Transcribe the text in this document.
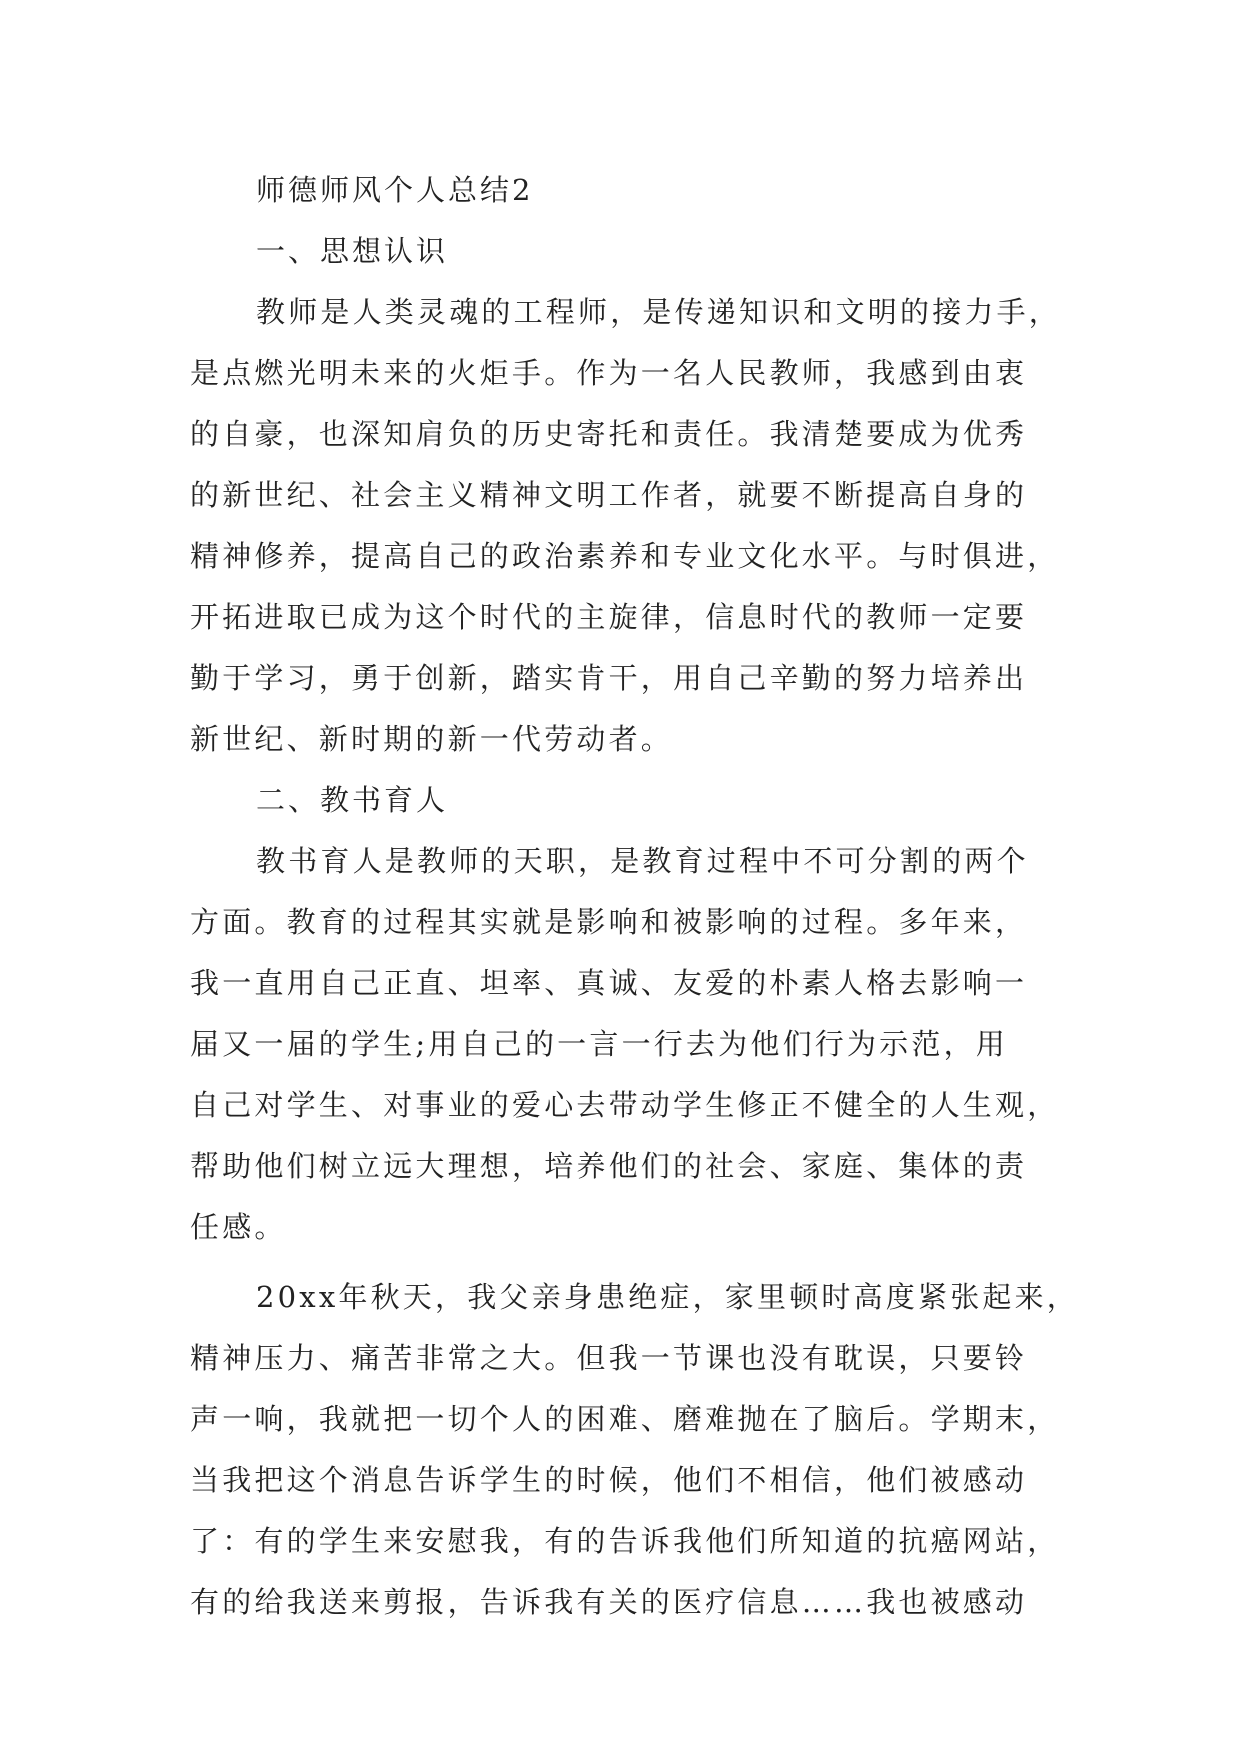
师德师风个人总结2
一、思想认识
教师是人类灵魂的工程师，是传递知识和文明的接力手，
是点燃光明未来的火炬手。作为一名人民教师，我感到由衷
的自豪，也深知肩负的历史寄托和责任。我清楚要成为优秀
的新世纪、社会主义精神文明工作者，就要不断提高自身的
精神修养，提高自己的政治素养和专业文化水平。与时俱进，
开拓进取已成为这个时代的主旋律，信息时代的教师一定要
勤于学习，勇于创新，踏实肯干，用自己辛勤的努力培养出
新世纪、新时期的新一代劳动者。
二、教书育人
教书育人是教师的天职，是教育过程中不可分割的两个
方面。教育的过程其实就是影响和被影响的过程。多年来，
我一直用自己正直、坦率、真诚、友爱的朴素人格去影响一
届又一届的学生;用自己的一言一行去为他们行为示范，用
自己对学生、对事业的爱心去带动学生修正不健全的人生观，
帮助他们树立远大理想，培养他们的社会、家庭、集体的责
任感。
20xx年秋天，我父亲身患绝症，家里顿时高度紧张起来，
精神压力、痛苦非常之大。但我一节课也没有耽误，只要铃
声一响，我就把一切个人的困难、磨难抛在了脑后。学期末，
当我把这个消息告诉学生的时候，他们不相信，他们被感动
了：有的学生来安慰我，有的告诉我他们所知道的抗癌网站，
有的给我送来剪报，告诉我有关的医疗信息……我也被感动
